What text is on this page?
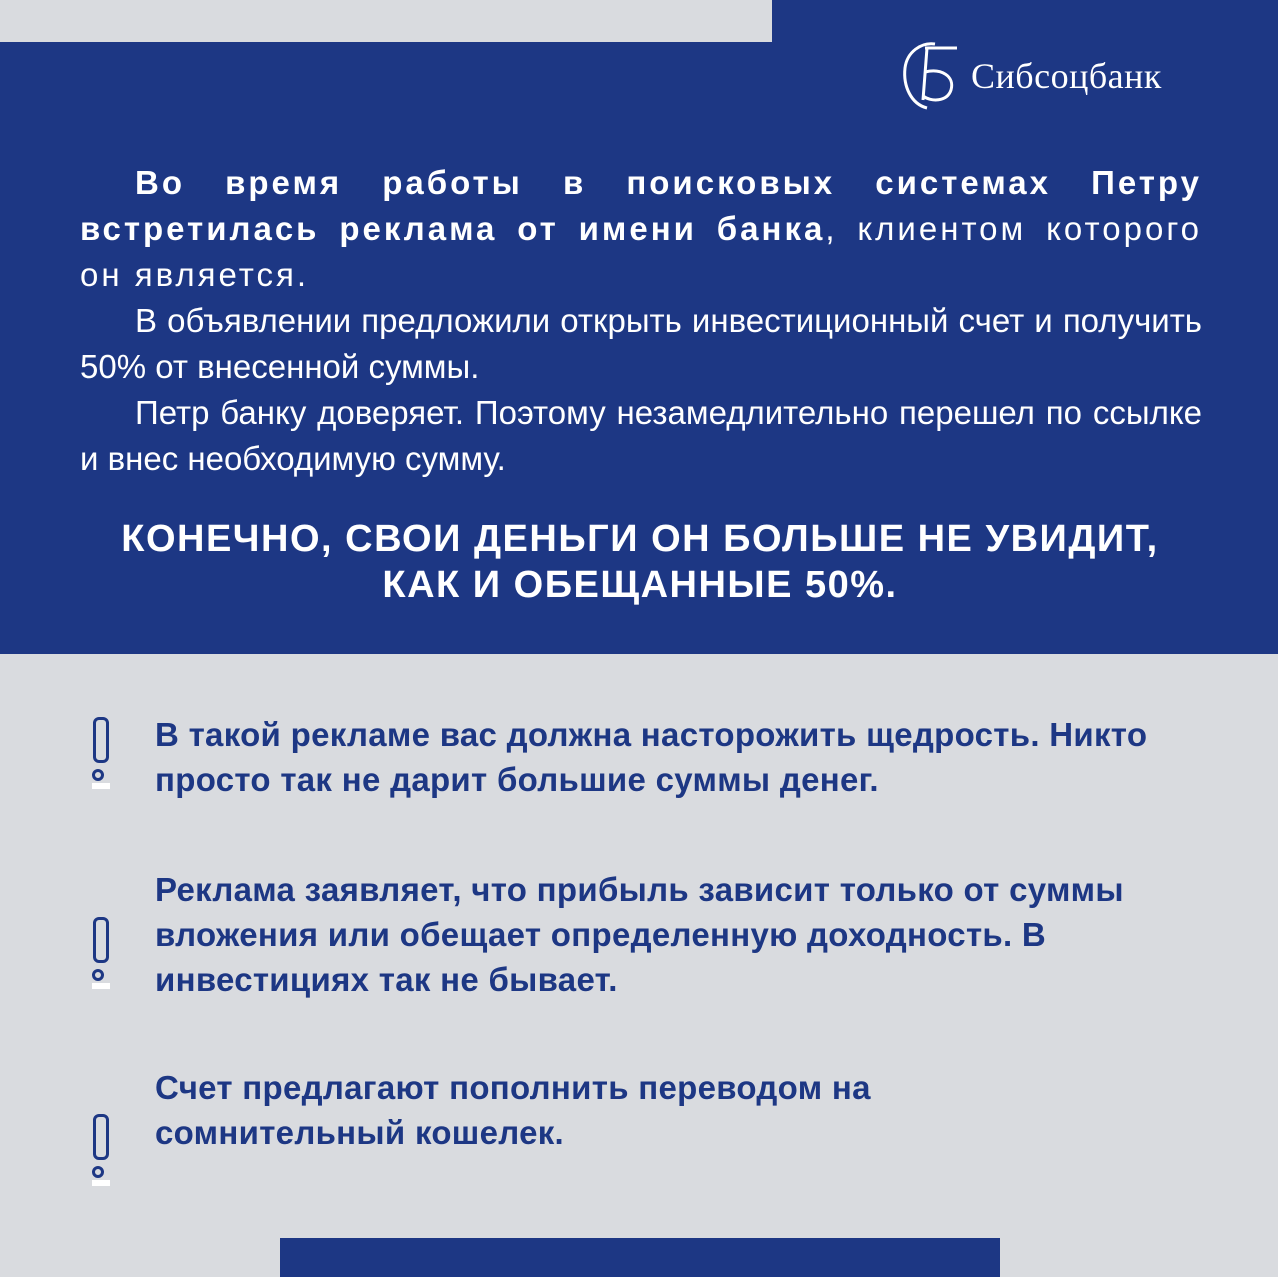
Сибсоцбанк

Во время работы в поисковых системах Петру встретилась реклама от имени банка, клиентом которого он является.

В объявлении предложили открыть инвестиционный счет и получить 50% от внесенной суммы.

Петр банку доверяет. Поэтому незамедлительно перешел по ссылке и внес необходимую сумму.

КОНЕЧНО, СВОИ ДЕНЬГИ ОН БОЛЬШЕ НЕ УВИДИТ,
КАК И ОБЕЩАННЫЕ 50%.
В такой рекламе вас должна насторожить щедрость. Никто просто так не дарит большие суммы денег.
Реклама заявляет, что прибыль зависит только от суммы вложения или обещает определенную доходность. В инвестициях так не бывает.
Счет предлагают пополнить переводом на сомнительный кошелек.
